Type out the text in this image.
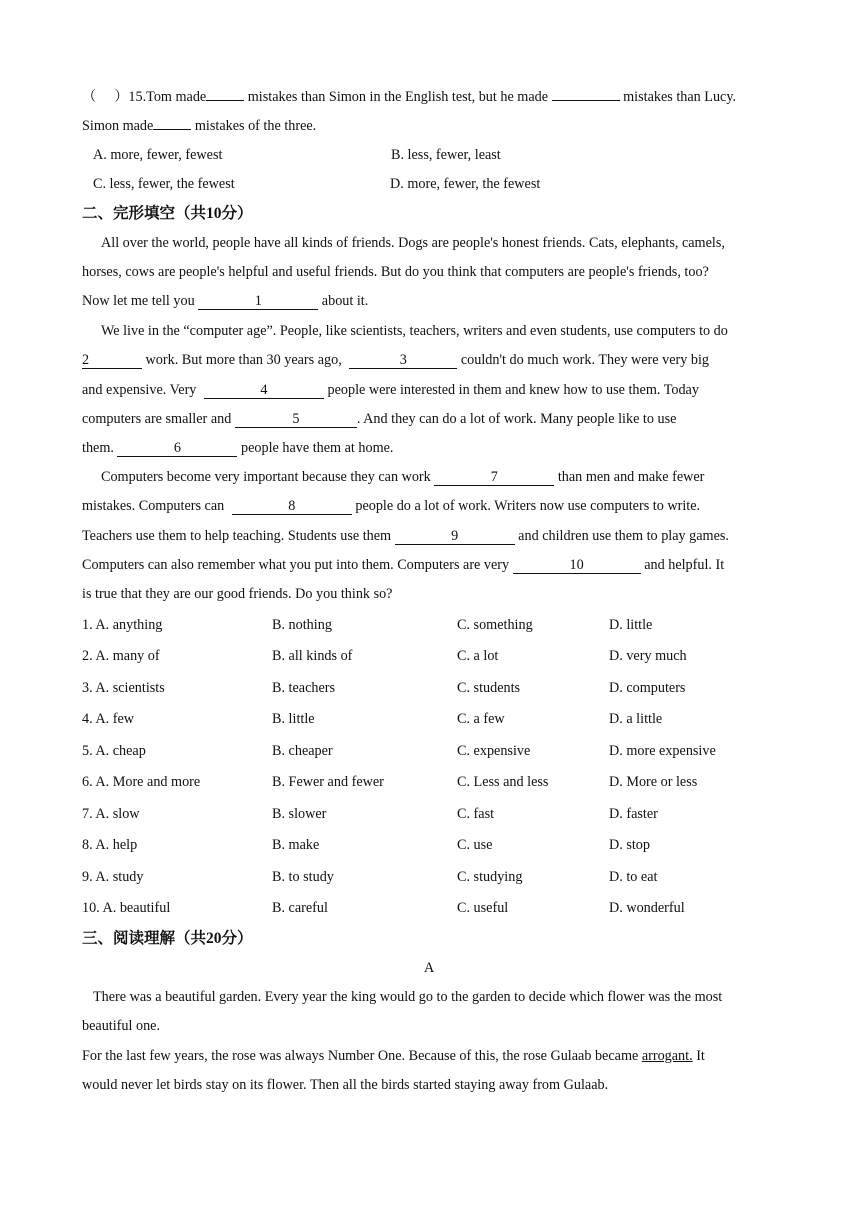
（ ）15.Tom made	mistakes than Simon in the English test, but he made	mistakes than Lucy.
Simon made	mistakes of the three.
A. more, fewer, fewest	B. less, fewer, least
C. less, fewer, the fewest	D. more, fewer, the fewest
二、完形填空（共10分）
All over the world, people have all kinds of friends. Dogs are people's honest friends. Cats, elephants, camels,
horses, cows are people's helpful and useful friends. But do you think that computers are people's friends, too?
Now let me tell you	1	about it.
We live in the “computer age”. People, like scientists, teachers, writers and even students, use computers to do
2	work. But more than 30 years ago,	3	couldn't do much work. They were very big
and expensive. Very	4	people were interested in them and knew how to use them. Today
computers are smaller and	5	. And they can do a lot of work. Many people like to use
them.	6	people have them at home.
Computers become very important because they can work	7	than men and make fewer
mistakes. Computers can	8	people do a lot of work. Writers now use computers to write.
Teachers use them to help teaching. Students use them	9	and children use them to play games.
Computers can also remember what you put into them. Computers are very	10	and helpful. It
is true that they are our good friends. Do you think so?
1. A. anything	B. nothing	C. something	D. little
2. A. many of	B. all kinds of	C. a lot	D. very much
3. A. scientists	B. teachers	C. students	D. computers
4. A. few	B. little	C. a few	D. a little
5. A. cheap	B. cheaper	C. expensive	D. more expensive
6. A. More and more	B. Fewer and fewer	C. Less and less	D. More or less
7. A. slow	B. slower	C. fast	D. faster
8. A. help	B. make	C. use	D. stop
9. A. study	B. to study	C. studying	D. to eat
10. A. beautiful	B. careful	C. useful	D. wonderful
三、阅读理解（共20分）
A
There was a beautiful garden. Every year the king would go to the garden to decide which flower was the most
beautiful one.
For the last few years, the rose was always Number One. Because of this, the rose Gulaab became arrogant. It
would never let birds stay on its flower. Then all the birds started staying away from Gulaab.
